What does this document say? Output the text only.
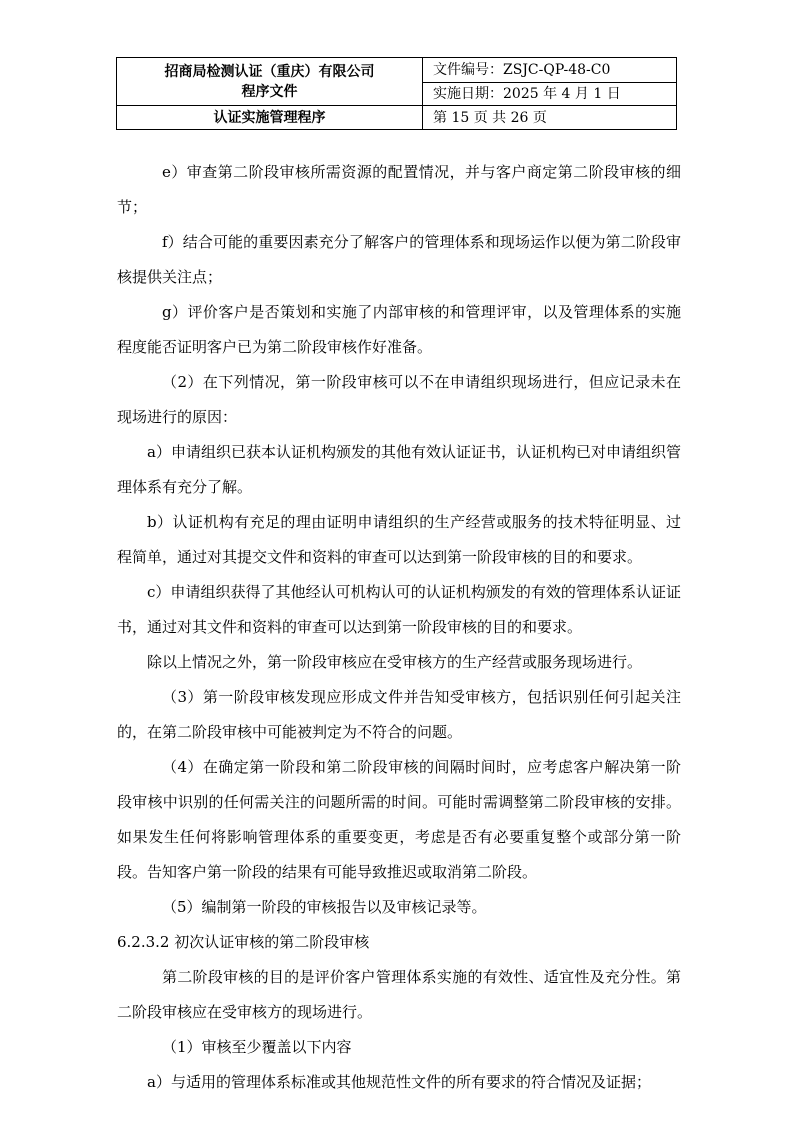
招商局检测认证（重庆）有限公司
程序文件	文件编号：ZSJC-QP-48-C0
	实施日期：2025 年 4 月 1 日
认证实施管理程序	第 15 页 共 26 页

e）审查第二阶段审核所需资源的配置情况，并与客户商定第二阶段审核的细节；

f）结合可能的重要因素充分了解客户的管理体系和现场运作以便为第二阶段审核提供关注点；

g）评价客户是否策划和实施了内部审核的和管理评审，以及管理体系的实施程度能否证明客户已为第二阶段审核作好准备。

（2）在下列情况，第一阶段审核可以不在申请组织现场进行，但应记录未在现场进行的原因：

a）申请组织已获本认证机构颁发的其他有效认证证书，认证机构已对申请组织管理体系有充分了解。

b）认证机构有充足的理由证明申请组织的生产经营或服务的技术特征明显、过程简单，通过对其提交文件和资料的审查可以达到第一阶段审核的目的和要求。

c）申请组织获得了其他经认可机构认可的认证机构颁发的有效的管理体系认证证书，通过对其文件和资料的审查可以达到第一阶段审核的目的和要求。

除以上情况之外，第一阶段审核应在受审核方的生产经营或服务现场进行。

（3）第一阶段审核发现应形成文件并告知受审核方，包括识别任何引起关注的，在第二阶段审核中可能被判定为不符合的问题。

（4）在确定第一阶段和第二阶段审核的间隔时间时，应考虑客户解决第一阶段审核中识别的任何需关注的问题所需的时间。可能时需调整第二阶段审核的安排。如果发生任何将影响管理体系的重要变更，考虑是否有必要重复整个或部分第一阶段。告知客户第一阶段的结果有可能导致推迟或取消第二阶段。

（5）编制第一阶段的审核报告以及审核记录等。

6.2.3.2 初次认证审核的第二阶段审核

第二阶段审核的目的是评价客户管理体系实施的有效性、适宜性及充分性。第二阶段审核应在受审核方的现场进行。

（1）审核至少覆盖以下内容

a）与适用的管理体系标准或其他规范性文件的所有要求的符合情况及证据；
